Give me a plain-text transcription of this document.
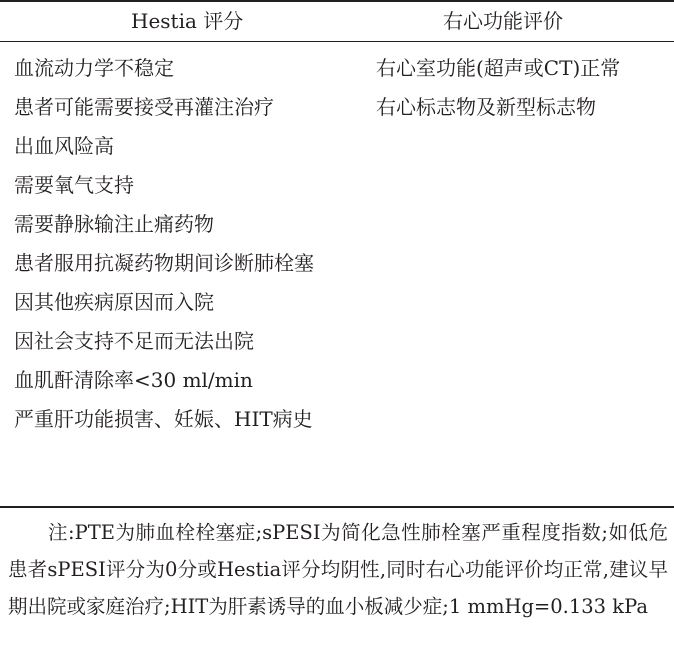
Hestia 评分	右心功能评价

血流动力学不稳定

患者可能需要接受再灌注治疗

出血风险高

需要氧气支持

需要静脉输注止痛药物

患者服用抗凝药物期间诊断肺栓塞

因其他疾病原因而入院

因社会支持不足而无法出院

血肌酐清除率<30 ml/min

严重肝功能损害、妊娠、HIT病史

右心室功能(超声或CT)正常

右心标志物及新型标志物

注:PTE为肺血栓栓塞症;sPESI为简化急性肺栓塞严重程度指数;如低危患者sPESI评分为0分或Hestia评分均阴性,同时右心功能评价均正常,建议早期出院或家庭治疗;HIT为肝素诱导的血小板减少症;1 mmHg=0.133 kPa
